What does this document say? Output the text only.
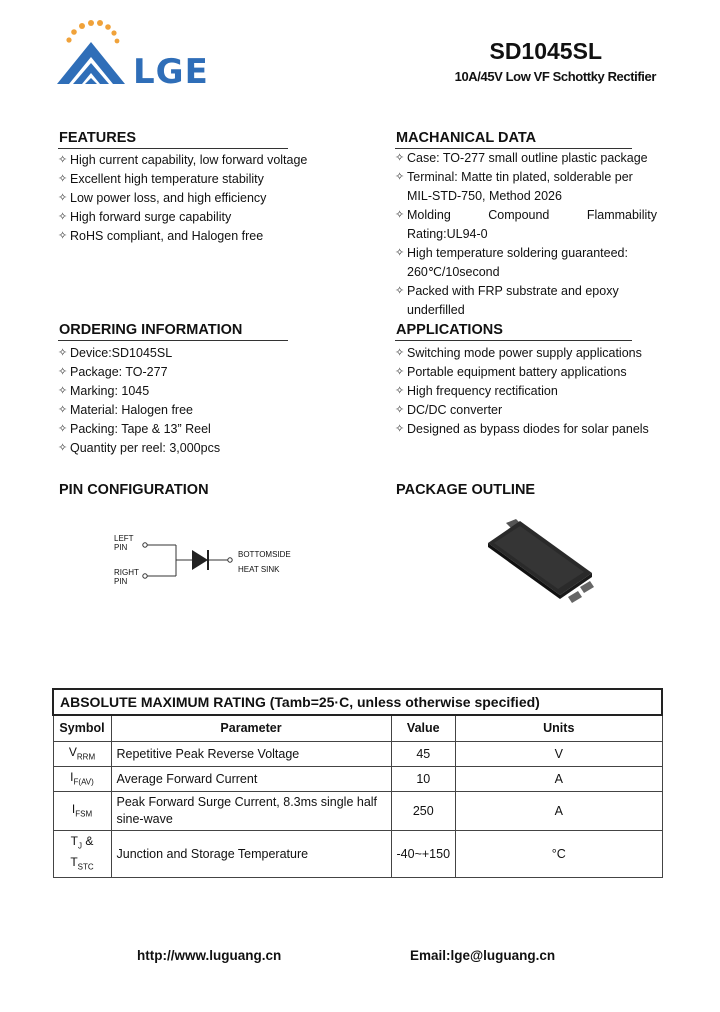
LGE
SD1045SL
10A/45V Low VF Schottky Rectifier
FEATURES
✧ High current capability, low forward voltage
✧ Excellent high temperature stability
✧ Low power loss, and high efficiency
✧ High forward surge capability
✧ RoHS compliant, and Halogen free
MACHANICAL DATA
✧ Case: TO-277 small outline plastic package
✧ Terminal: Matte tin plated, solderable per
MIL-STD-750, Method 2026
✧ Molding	Compound	Flammability
Rating:UL94-0
✧ High temperature soldering guaranteed:
260℃/10second
✧ Packed with FRP substrate and epoxy
underfilled
ORDERING INFORMATION
✧ Device:SD1045SL
✧ Package: TO-277
✧ Marking: 1045
✧ Material: Halogen free
✧ Packing: Tape & 13” Reel
✧ Quantity per reel: 3,000pcs
APPLICATIONS
✧ Switching mode power supply applications
✧ Portable equipment battery applications
✧ High frequency rectification
✧ DC/DC converter
✧ Designed as bypass diodes for solar panels
PIN CONFIGURATION
LEFT
PIN
RIGHT
PIN
BOTTOMSIDE
HEAT SINK
PACKAGE OUTLINE
ABSOLUTE MAXIMUM RATING (Tamb=25·C, unless otherwise specified)			
Symbol	Parameter	Value	Units
$V_{RRM}$	Repetitive Peak Reverse Voltage	45	V
$I_{F(AV)}$	Average Forward Current	10	A
$I_{FSM}$	Peak Forward Surge Current, 8.3ms single half sine-wave	250	A

$T_J$ &
$T_{STC}$	Junction and Storage Temperature	-40~+150	°C
http://www.luguang.cn	Email:lge@luguang.cn
